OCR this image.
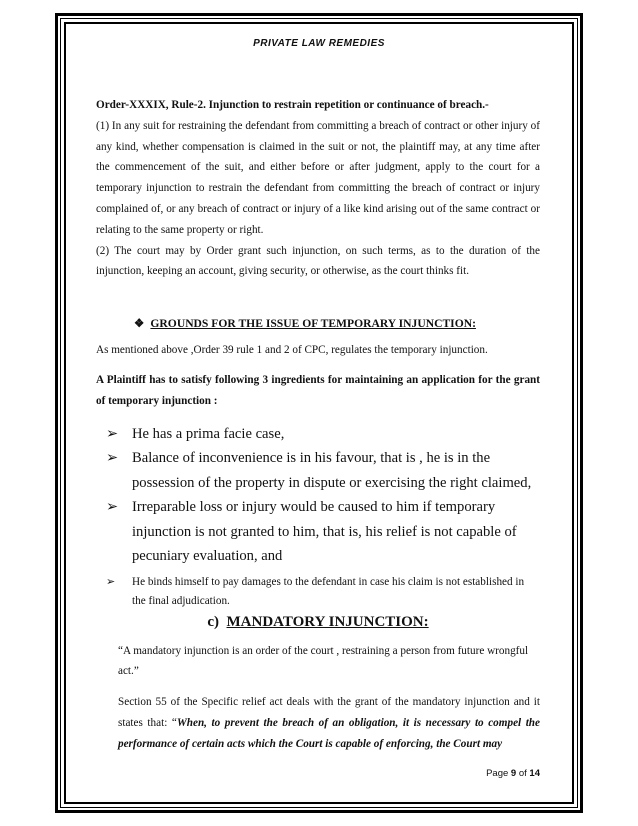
PRIVATE LAW REMEDIES

Order-XXXIX, Rule-2. Injunction to restrain repetition or continuance of breach.-

(1) In any suit for restraining the defendant from committing a breach of contract or other injury of any kind, whether compensation is claimed in the suit or not, the plaintiff may, at any time after the commencement of the suit, and either before or after judgment, apply to the court for a temporary injunction to restrain the defendant from committing the breach of contract or injury complained of, or any breach of contract or injury of a like kind arising out of the same contract or relating to the same property or right.

(2) The court may by Order grant such injunction, on such terms, as to the duration of the injunction, keeping an account, giving security, or otherwise, as the court thinks fit.

❖ GROUNDS FOR THE ISSUE OF TEMPORARY INJUNCTION:

As mentioned above ,Order 39 rule 1 and 2 of CPC, regulates the temporary injunction.

A Plaintiff has to satisfy following 3 ingredients for maintaining an application for the grant of temporary injunction :

➢ He has a prima facie case,
➢ Balance of inconvenience is in his favour, that is , he is in the possession of the property in dispute or exercising the right claimed,
➢ Irreparable loss or injury would be caused to him if temporary injunction is not granted to him, that is, his relief is not capable of pecuniary evaluation, and
➢ He binds himself to pay damages to the defendant in case his claim is not established in the final adjudication.

c) MANDATORY INJUNCTION:

“A mandatory injunction is an order of the court , restraining a person from future wrongful act.”

Section 55 of the Specific relief act deals with the grant of the mandatory injunction and it states that: “When, to prevent the breach of an obligation, it is necessary to compel the performance of certain acts which the Court is capable of enforcing, the Court may

Page 9 of 14
